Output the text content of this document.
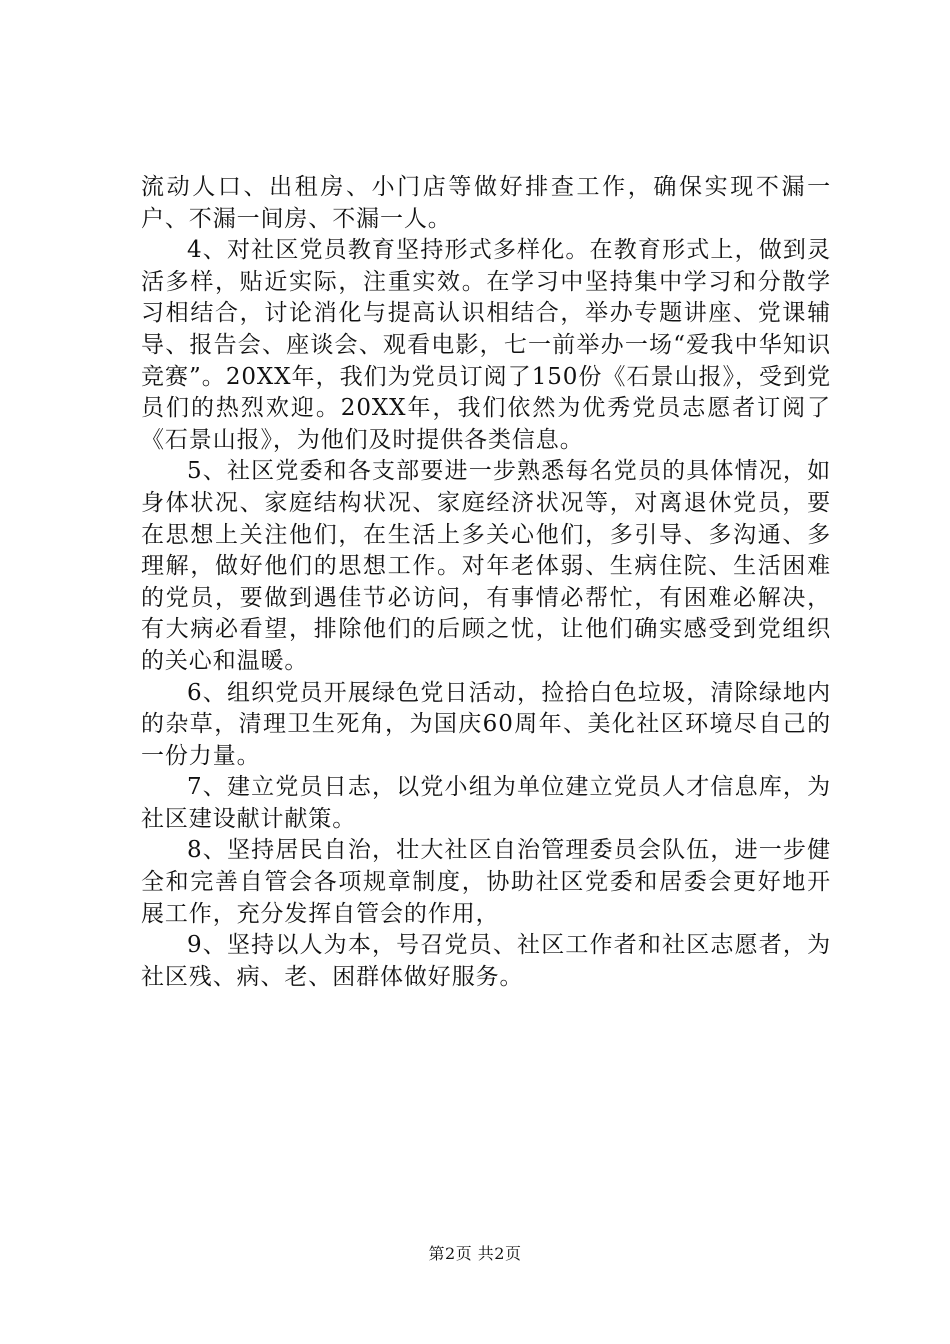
流动人口、出租房、小门店等做好排查工作，确保实现不漏一户、不漏一间房、不漏一人。

4、对社区党员教育坚持形式多样化。在教育形式上，做到灵活多样，贴近实际，注重实效。在学习中坚持集中学习和分散学习相结合，讨论消化与提高认识相结合，举办专题讲座、党课辅导、报告会、座谈会、观看电影，七一前举办一场“爱我中华知识竞赛”。20XX年，我们为党员订阅了150份《石景山报》，受到党员们的热烈欢迎。20XX年，我们依然为优秀党员志愿者订阅了《石景山报》，为他们及时提供各类信息。

5、社区党委和各支部要进一步熟悉每名党员的具体情况，如身体状况、家庭结构状况、家庭经济状况等，对离退休党员，要在思想上关注他们，在生活上多关心他们，多引导、多沟通、多理解，做好他们的思想工作。对年老体弱、生病住院、生活困难的党员，要做到遇佳节必访问，有事情必帮忙，有困难必解决，有大病必看望，排除他们的后顾之忧，让他们确实感受到党组织的关心和温暖。

6、组织党员开展绿色党日活动，捡拾白色垃圾，清除绿地内的杂草，清理卫生死角，为国庆60周年、美化社区环境尽自己的一份力量。

7、建立党员日志，以党小组为单位建立党员人才信息库，为社区建设献计献策。

8、坚持居民自治，壮大社区自治管理委员会队伍，进一步健全和完善自管会各项规章制度，协助社区党委和居委会更好地开展工作，充分发挥自管会的作用，

9、坚持以人为本，号召党员、社区工作者和社区志愿者，为社区残、病、老、困群体做好服务。

第2页 共2页
